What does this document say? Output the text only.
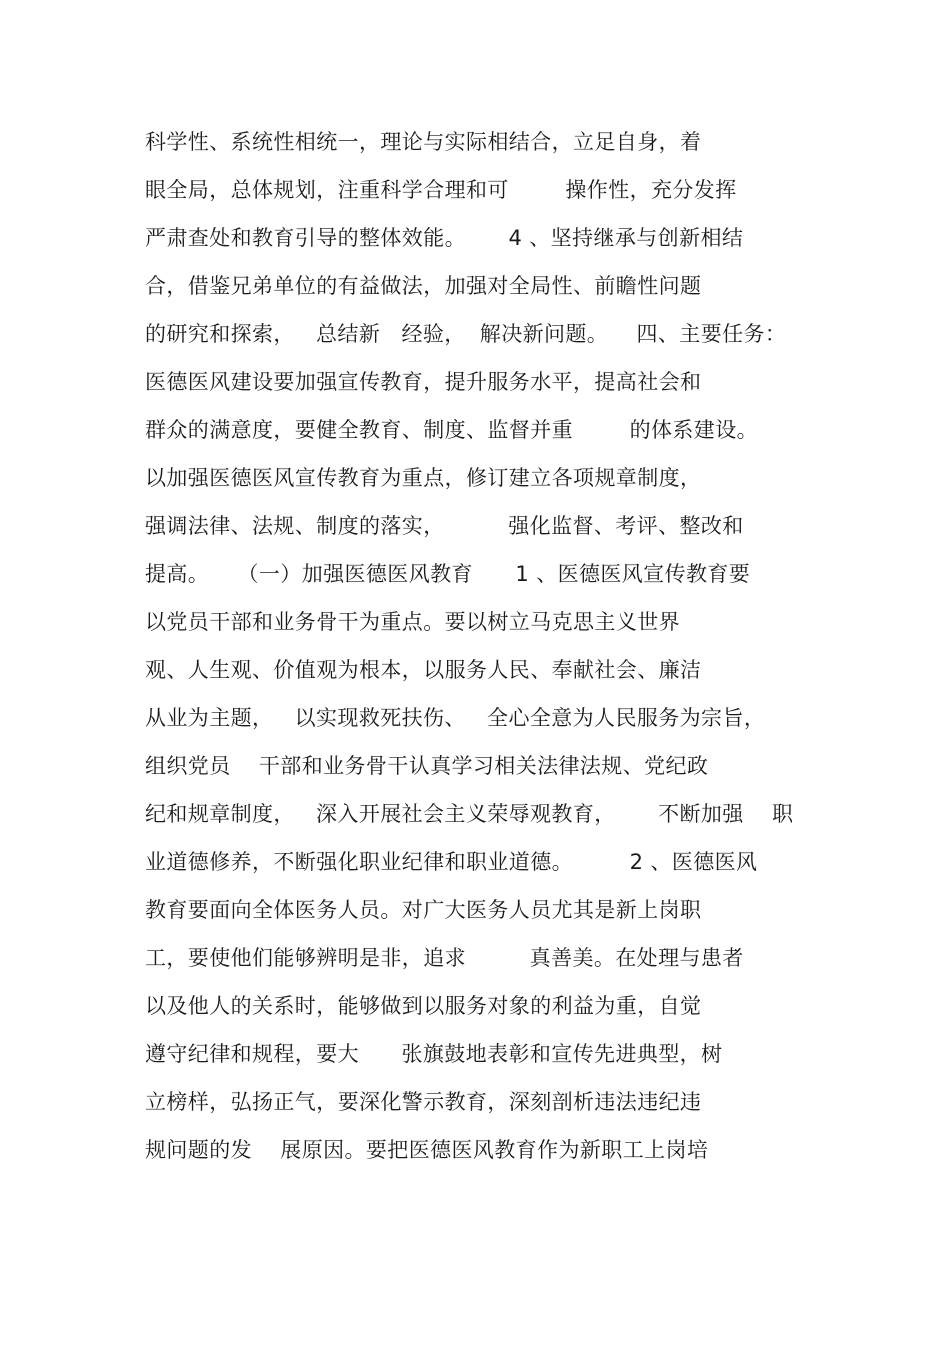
科学性、系统性相统一，理论与实际相结合，立足自身，着
眼全局，总体规划，注重科学合理和可        操作性，充分发挥
严肃查处和教育引导的整体效能。      4 、坚持继承与创新相结
合，借鉴兄弟单位的有益做法，加强对全局性、前瞻性问题
的研究和探索，   总结新   经验，  解决新问题。    四、主要任务：
医德医风建设要加强宣传教育，提升服务水平，提高社会和
群众的满意度，要健全教育、制度、监督并重        的体系建设。
以加强医德医风宣传教育为重点，修订建立各项规章制度，
强调法律、法规、制度的落实，         强化监督、考评、整改和
提高。    （一）加强医德医风教育      1 、医德医风宣传教育要
以党员干部和业务骨干为重点。要以树立马克思主义世界
观、人生观、价值观为根本，以服务人民、奉献社会、廉洁
从业为主题，   以实现救死扶伤、   全心全意为人民服务为宗旨，
组织党员    干部和业务骨干认真学习相关法律法规、党纪政
纪和规章制度，   深入开展社会主义荣辱观教育，      不断加强    职
业道德修养，不断强化职业纪律和职业道德。        2 、医德医风
教育要面向全体医务人员。对广大医务人员尤其是新上岗职
工，要使他们能够辨明是非，追求         真善美。在处理与患者
以及他人的关系时，能够做到以服务对象的利益为重，自觉
遵守纪律和规程，要大      张旗鼓地表彰和宣传先进典型，树
立榜样，弘扬正气，要深化警示教育，深刻剖析违法违纪违
规问题的发    展原因。要把医德医风教育作为新职工上岗培
